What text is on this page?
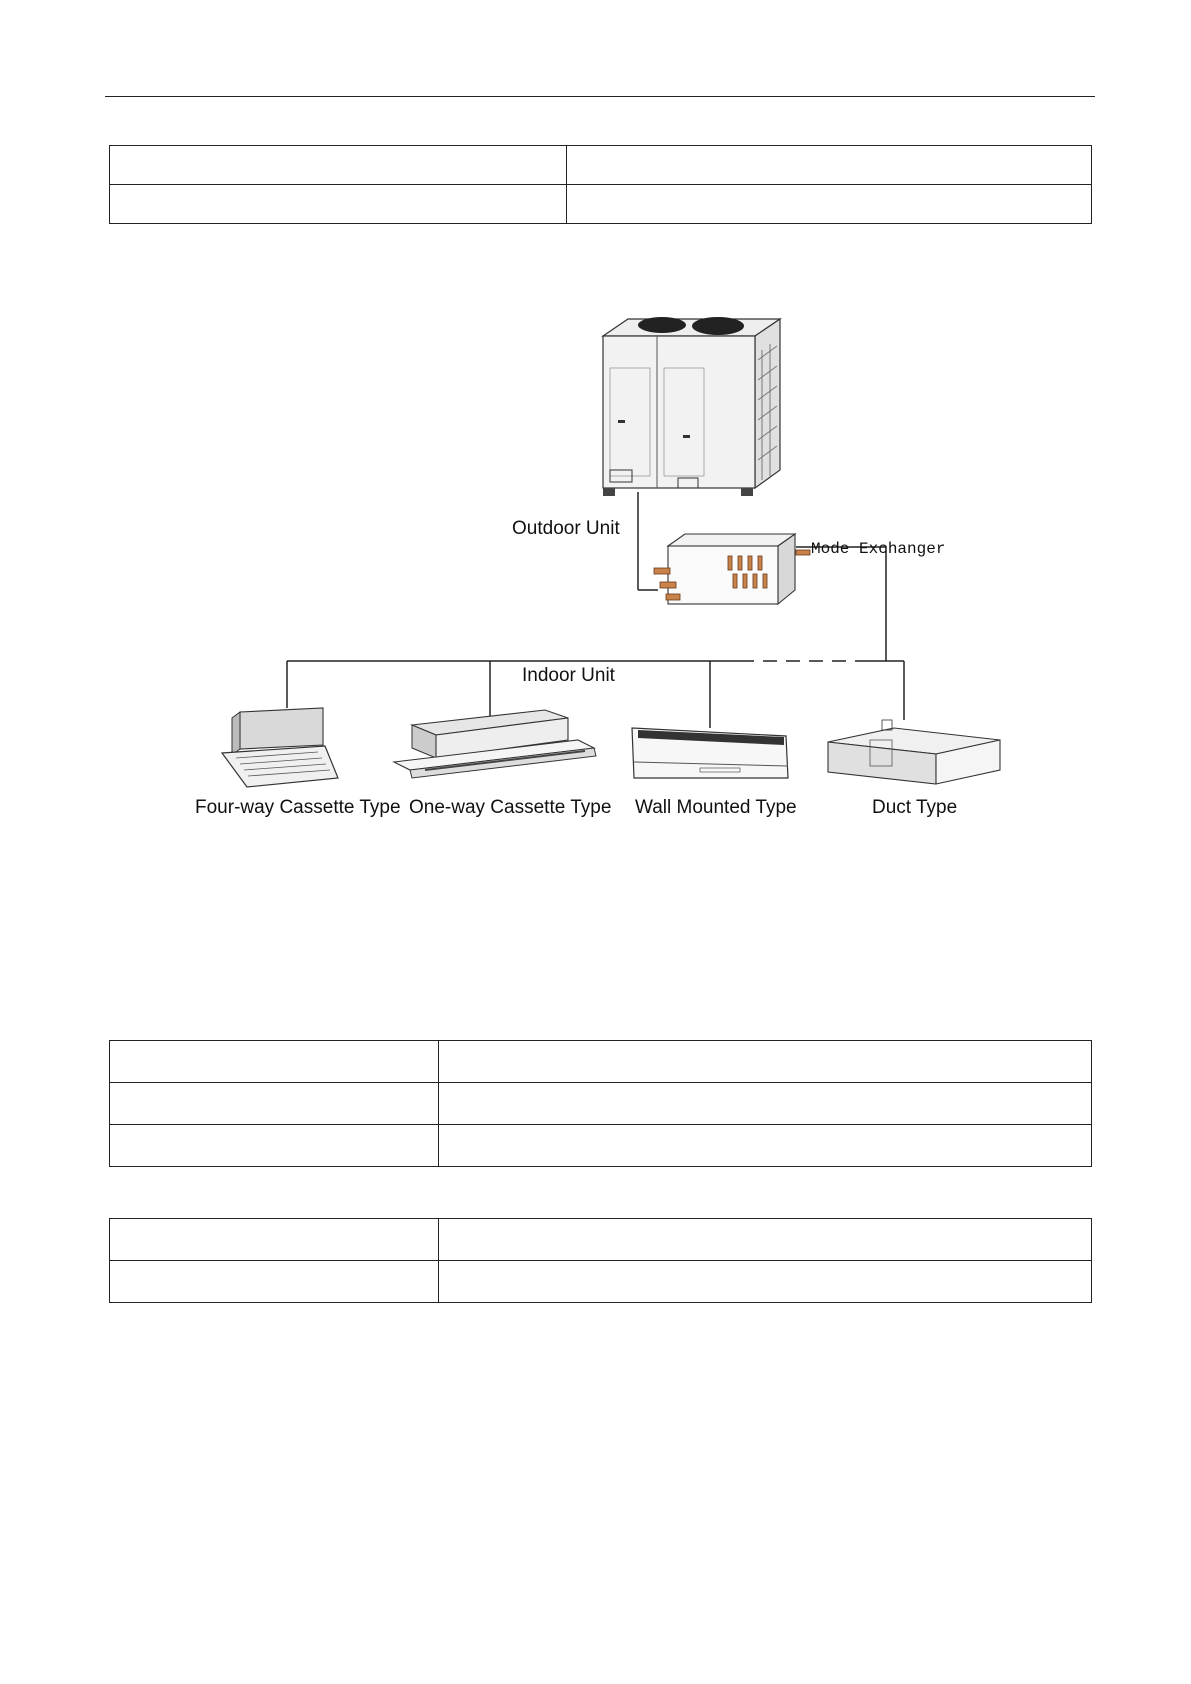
Outdoor Unit
Mode Exchanger
Indoor Unit
Four-way Cassette Type One-way Cassette Type Wall Mounted Type	Duct Type
